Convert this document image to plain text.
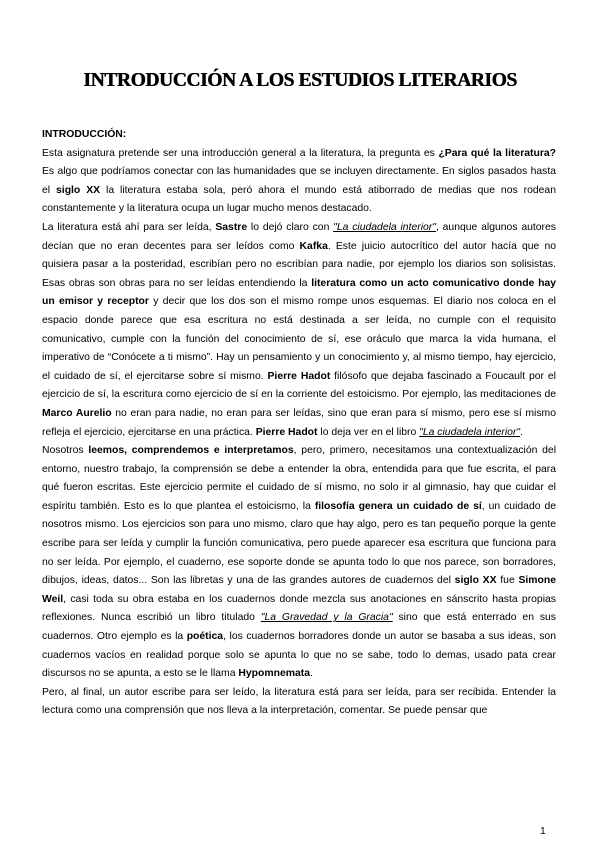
INTRODUCCIÓN A LOS ESTUDIOS LITERARIOS

INTRODUCCIÓN:

Esta asignatura pretende ser una introducción general a la literatura, la pregunta es ¿Para qué la literatura? Es algo que podríamos conectar con las humanidades que se incluyen directamente. En siglos pasados hasta el siglo XX la literatura estaba sola, peró ahora el mundo está atiborrado de medias que nos rodean constantemente y la literatura ocupa un lugar mucho menos destacado.

La literatura está ahí para ser leída, Sastre lo dejó claro con "La ciudadela interior", aunque algunos autores decían que no eran decentes para ser leídos como Kafka. Este juicio autocrítico del autor hacía que no quisiera pasar a la posteridad, escribían pero no escribían para nadie, por ejemplo los diarios son solisistas. Esas obras son obras para no ser leídas entendiendo la literatura como un acto comunicativo donde hay un emisor y receptor y decir que los dos son el mismo rompe unos esquemas. El diario nos coloca en el espacio donde parece que esa escritura no está destinada a ser leída, no cumple con el requisito comunicativo, cumple con la función del conocimiento de sí, ese oráculo que marca la vida humana, el imperativo de “Conócete a ti mismo”. Hay un pensamiento y un conocimiento y, al mismo tiempo, hay ejercicio, el cuidado de sí, el ejercitarse sobre sí mismo. Pierre Hadot filósofo que dejaba fascinado a Foucault por el ejercicio de sí, la escritura como ejercicio de sí en la corriente del estoicismo. Por ejemplo, las meditaciones de Marco Aurelio no eran para nadie, no eran para ser leídas, sino que eran para sí mismo, pero ese sí mismo refleja el ejercicio, ejercitarse en una práctica. Pierre Hadot lo deja ver en el libro "La ciudadela interior".

Nosotros leemos, comprendemos e interpretamos, pero, primero, necesitamos una contextualización del entorno, nuestro trabajo, la comprensión se debe a entender la obra, entendida para que fue escrita, el para qué fueron escritas. Este ejercicio permite el cuidado de sí mismo, no solo ir al gimnasio, hay que cuidar el espíritu también. Esto es lo que plantea el estoicismo, la filosofía genera un cuidado de sí, un cuidado de nosotros mismo. Los ejercicios son para uno mismo, claro que hay algo, pero es tan pequeño porque la gente escribe para ser leída y cumplir la función comunicativa, pero puede aparecer esa escritura que funciona para no ser leída. Por ejemplo, el cuaderno, ese soporte donde se apunta todo lo que nos parece, son borradores, dibujos, ideas, datos... Son las libretas y una de las grandes autores de cuadernos del siglo XX fue Simone Weil, casi toda su obra estaba en los cuadernos donde mezcla sus anotaciones en sánscrito hasta propias reflexiones. Nunca escribió un libro titulado "La Gravedad y la Gracia" sino que está enterrado en sus cuadernos. Otro ejemplo es la poética, los cuadernos borradores donde un autor se basaba a sus ideas, son cuadernos vacíos en realidad porque solo se apunta lo que no se sabe, todo lo demas, usado pata crear discursos no se apunta, a esto se le llama Hypomnemata.

Pero, al final, un autor escribe para ser leído, la literatura está para ser leída, para ser recibida. Entender la lectura como una comprensión que nos lleva a la interpretación, comentar. Se puede pensar que

1
